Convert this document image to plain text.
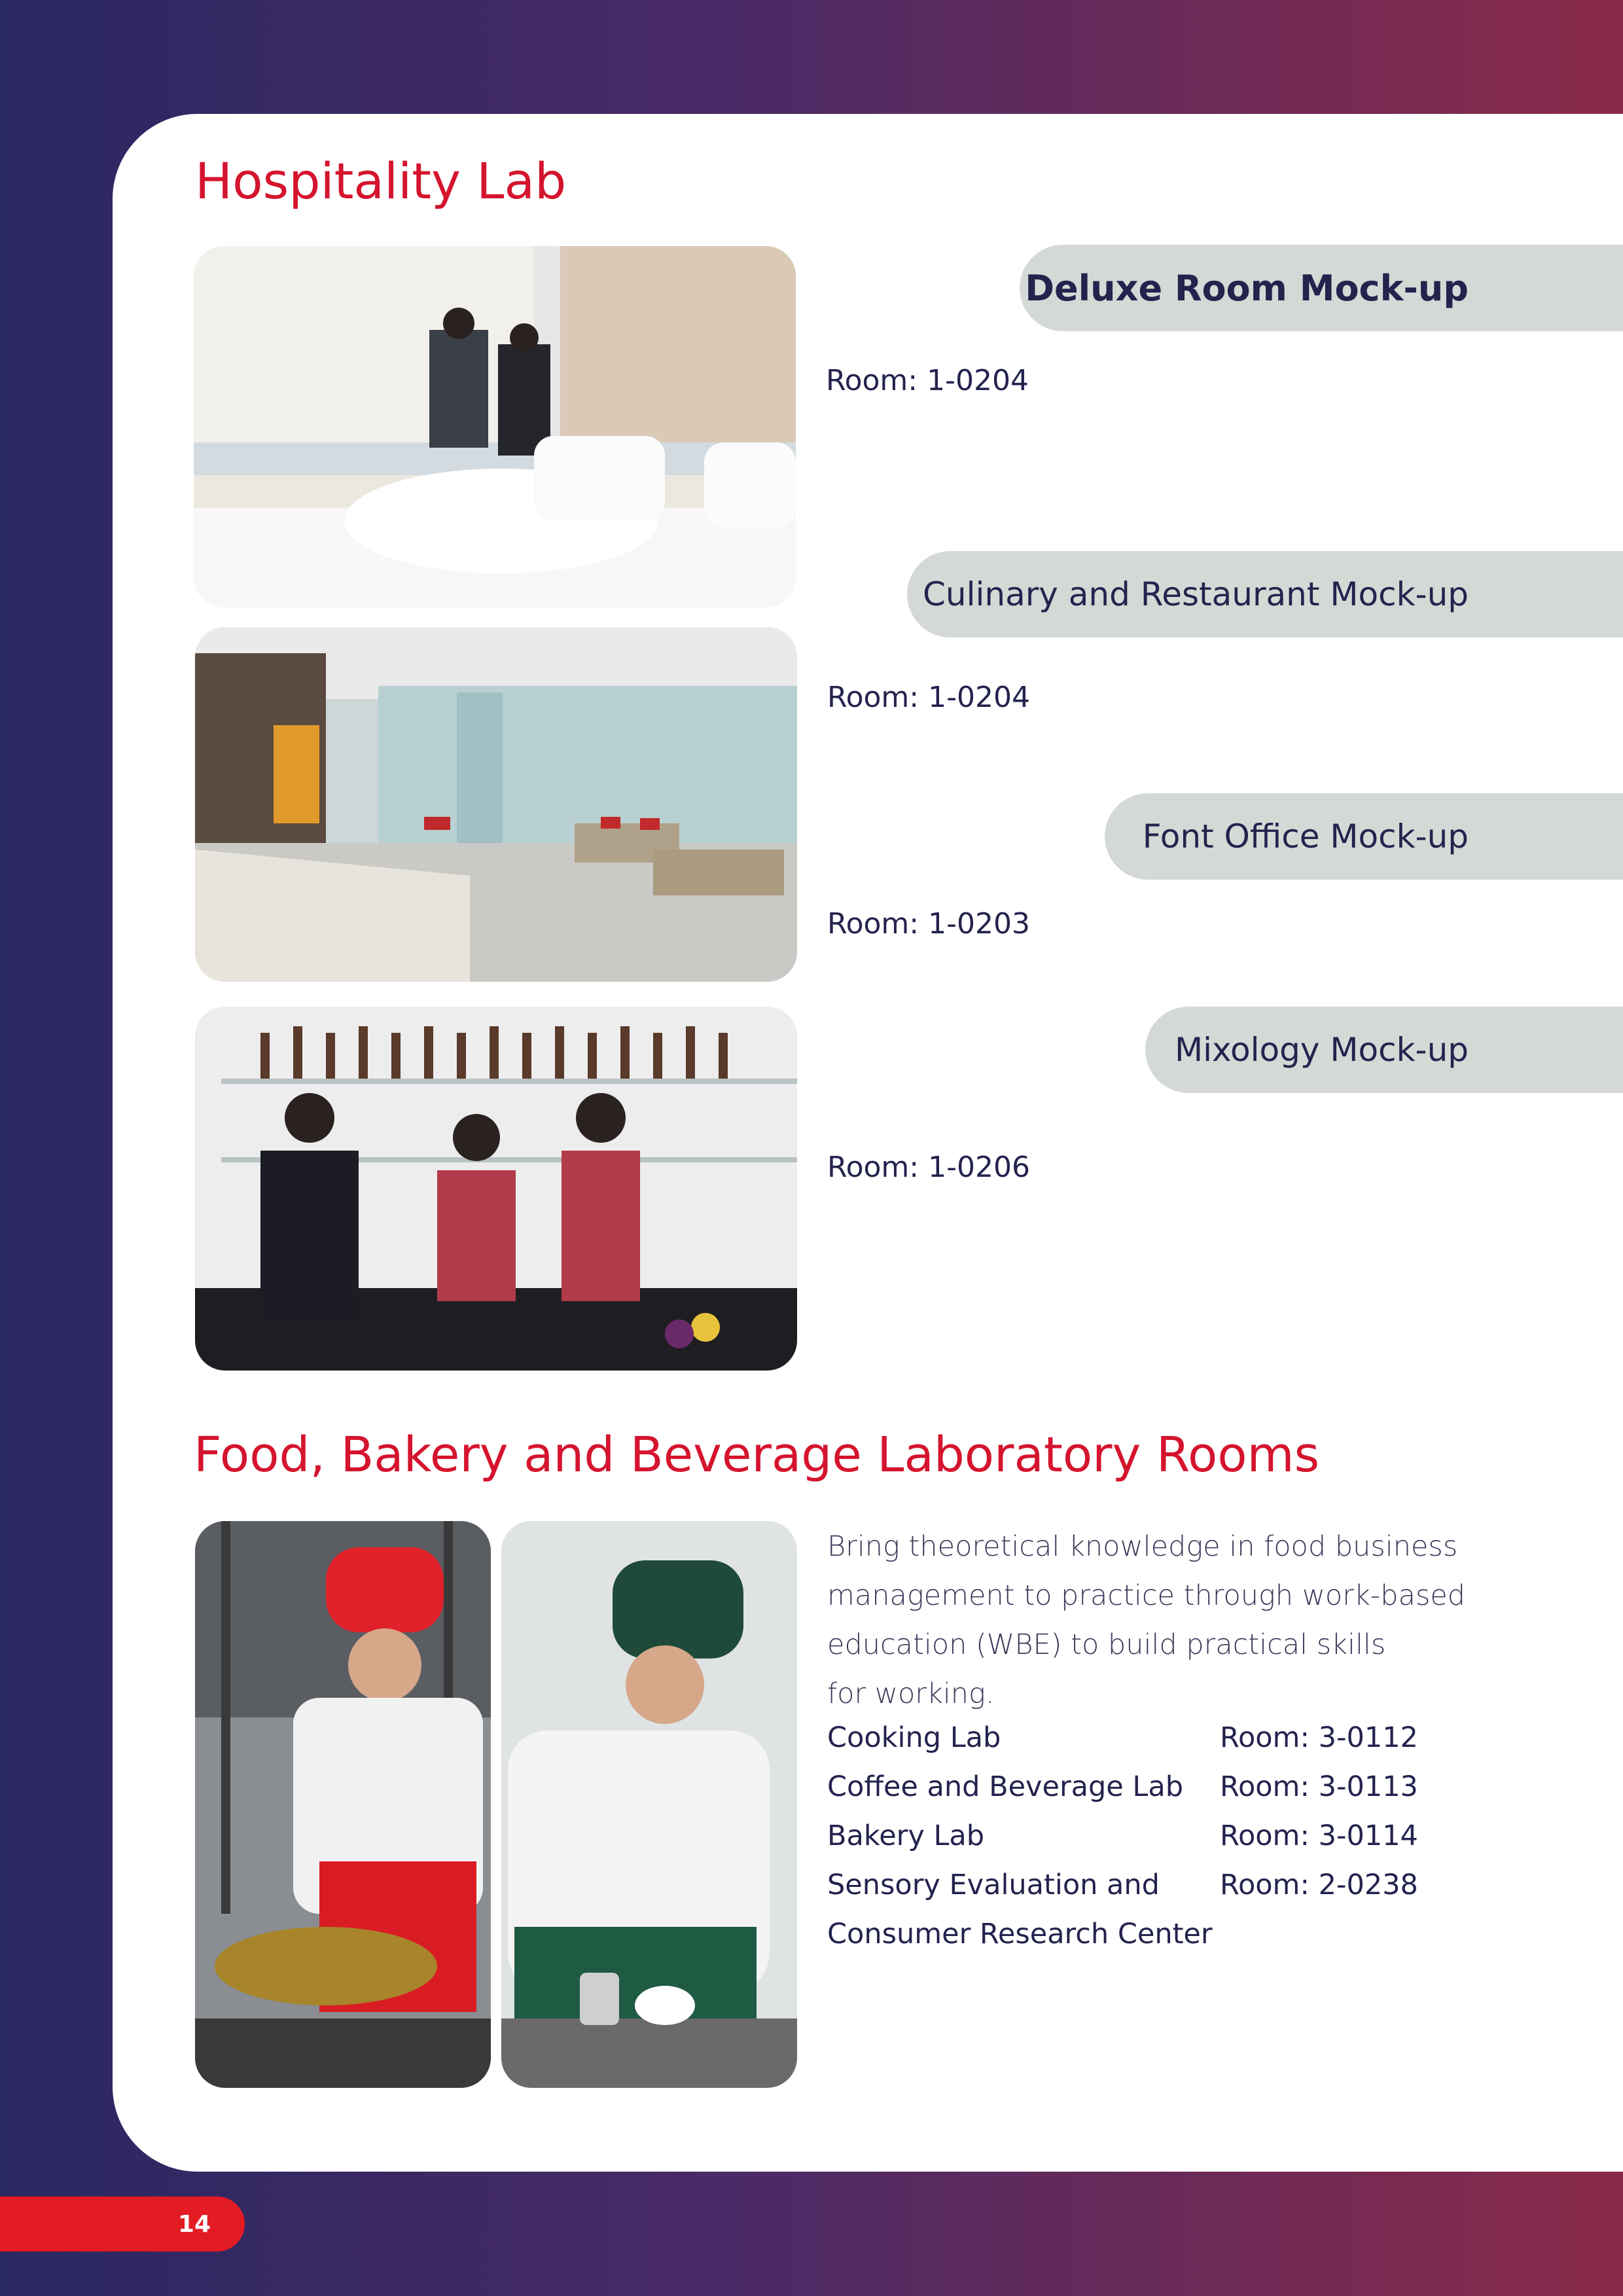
Hospitality Lab
Deluxe Room Mock-up
Room: 1-0204
Culinary and Restaurant Mock-up
Room: 1-0204
Font Office Mock-up
Room: 1-0203
Mixology Mock-up
Room: 1-0206
Food, Bakery and Beverage Laboratory Rooms
Bring theoretical knowledge in food business
management to practice through work-based
education (WBE) to build practical skills
for working.
Cooking Lab	Room: 3-0112
Coffee and Beverage Lab Room: 3-0113
Bakery Lab	Room: 3-0114
Sensory Evaluation and Room: 2-0238
Consumer Research Center
14
